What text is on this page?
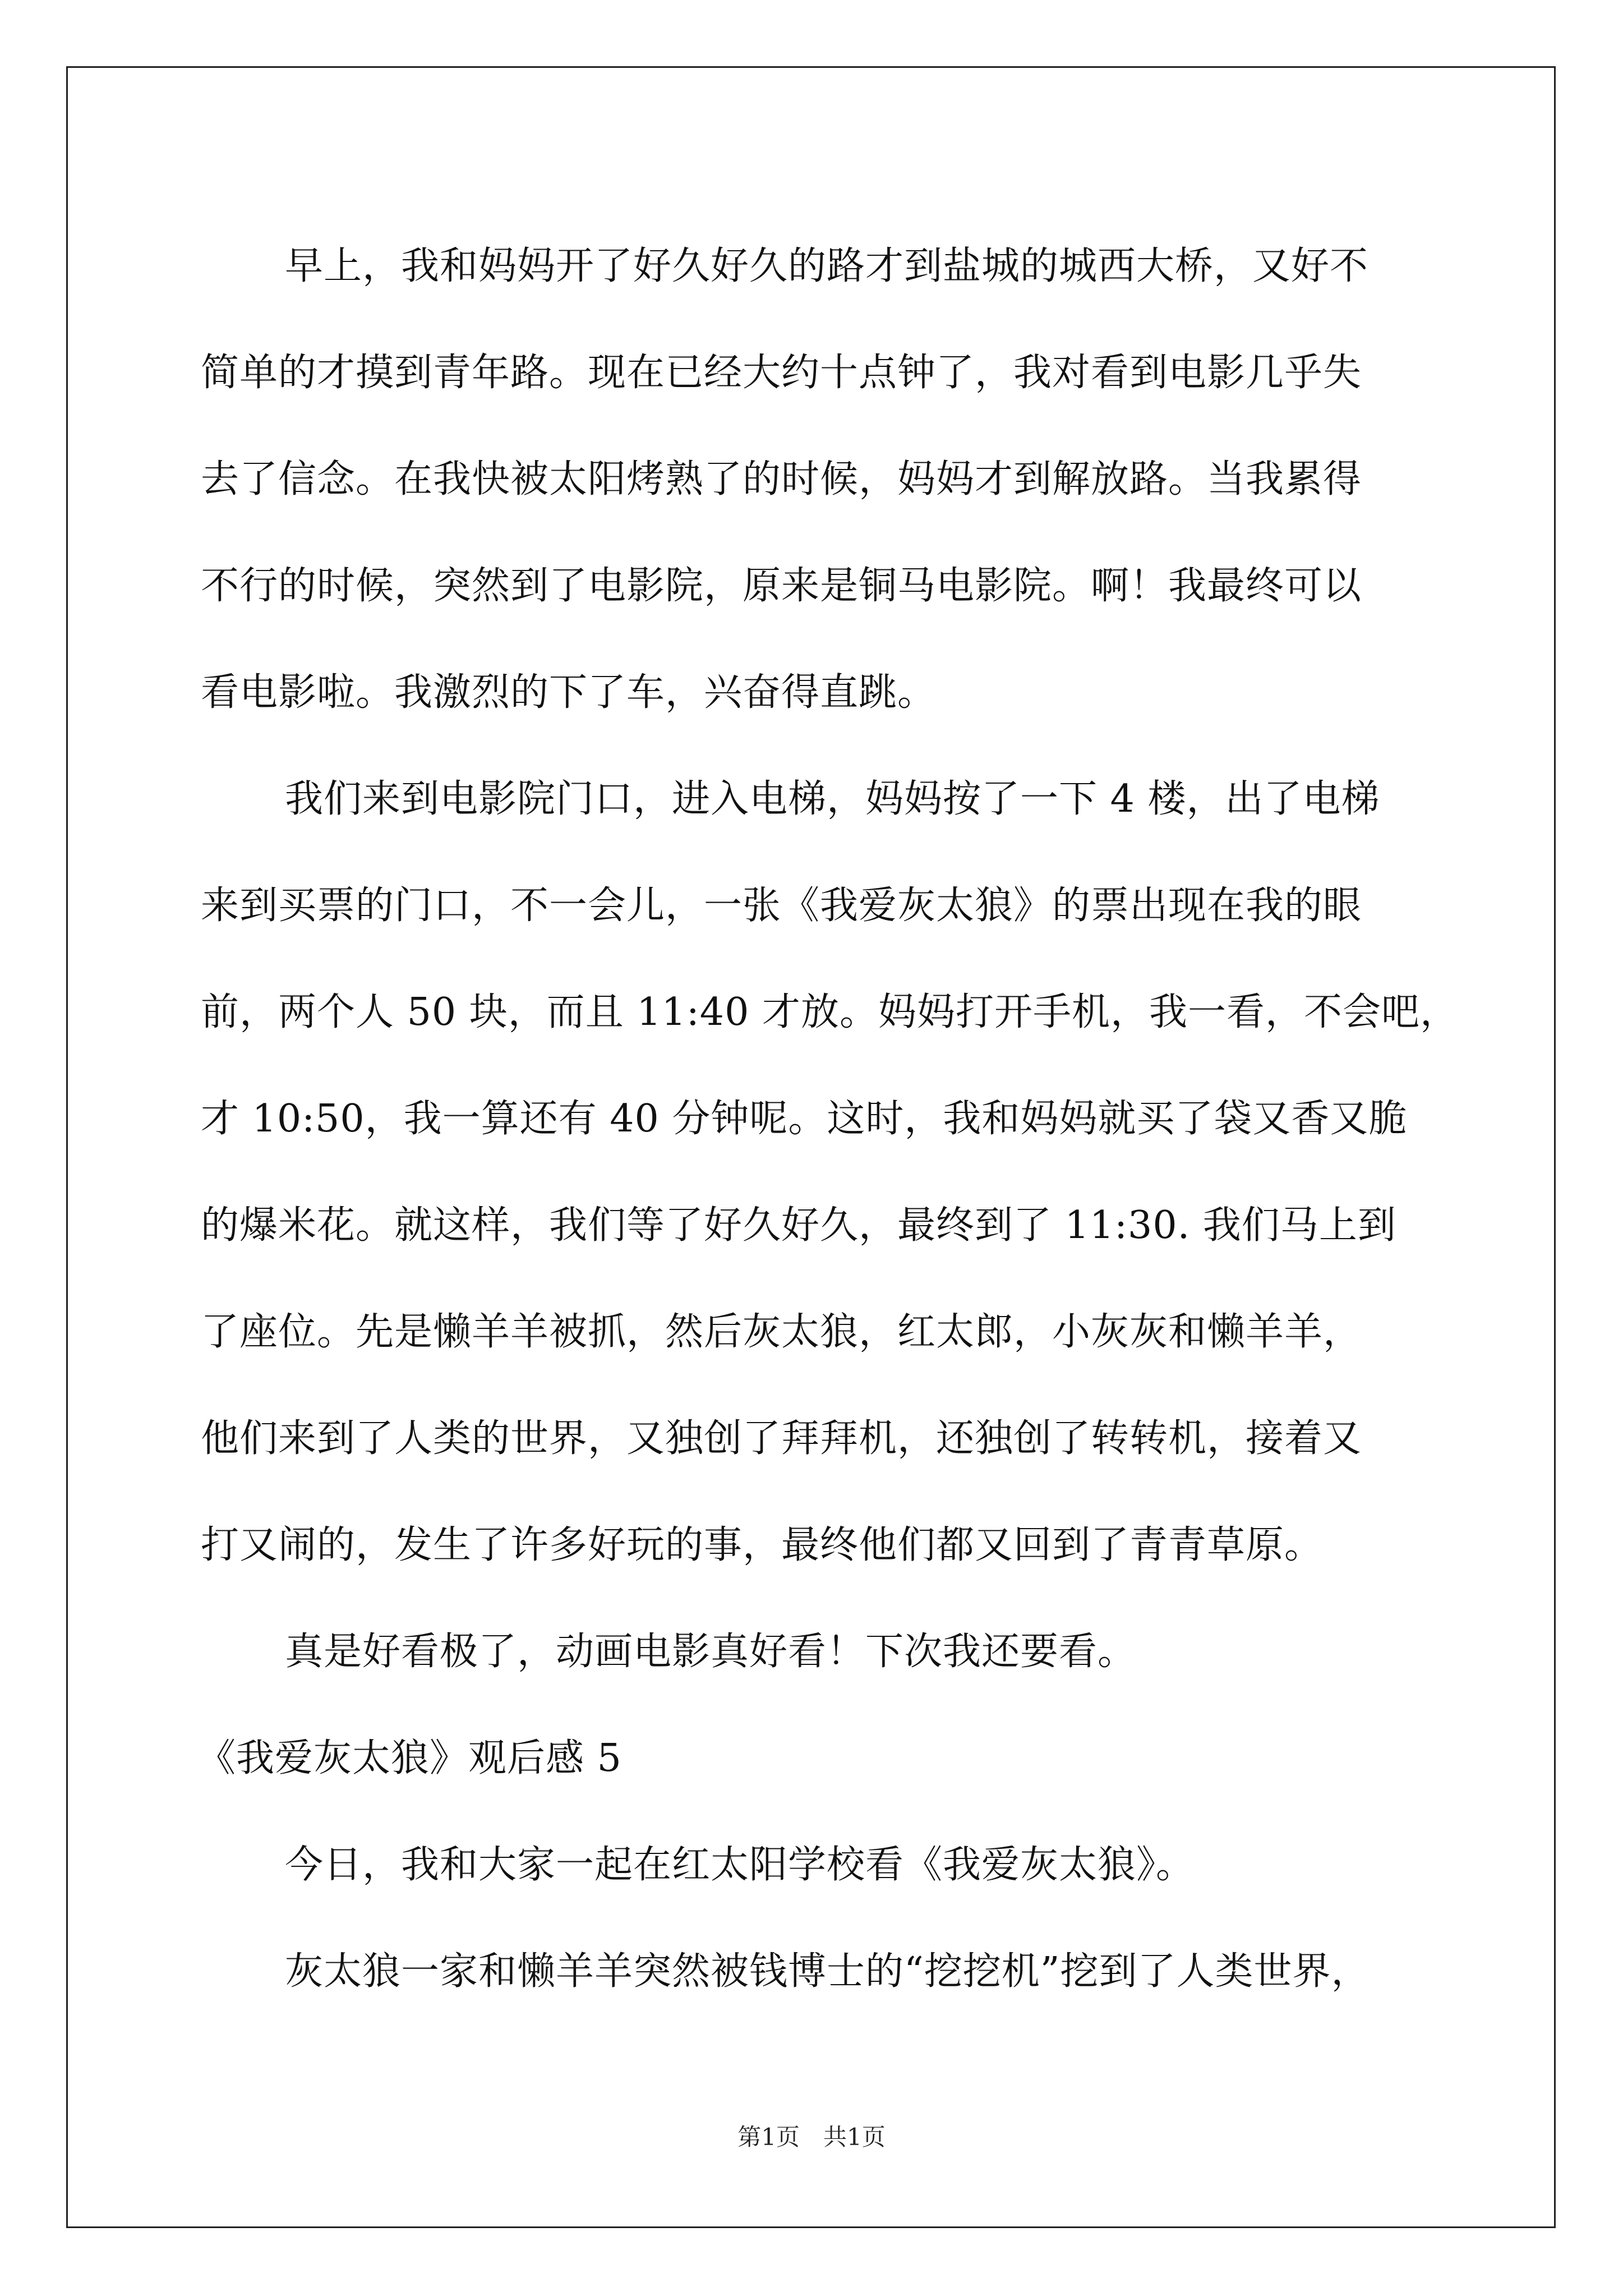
早上，我和妈妈开了好久好久的路才到盐城的城西大桥，又好不
简单的才摸到青年路。现在已经大约十点钟了，我对看到电影几乎失
去了信念。在我快被太阳烤熟了的时候，妈妈才到解放路。当我累得
不行的时候，突然到了电影院，原来是铜马电影院。啊！我最终可以
看电影啦。我激烈的下了车，兴奋得直跳。
我们来到电影院门口，进入电梯，妈妈按了一下 4 楼，出了电梯
来到买票的门口，不一会儿，一张《我爱灰太狼》的票出现在我的眼
前，两个人 50 块，而且 11:40 才放。妈妈打开手机，我一看，不会吧，
才 10:50，我一算还有 40 分钟呢。这时，我和妈妈就买了袋又香又脆
的爆米花。就这样，我们等了好久好久，最终到了 11:30. 我们马上到
了座位。先是懒羊羊被抓，然后灰太狼，红太郎，小灰灰和懒羊羊，
他们来到了人类的世界，又独创了拜拜机，还独创了转转机，接着又
打又闹的，发生了许多好玩的事，最终他们都又回到了青青草原。
真是好看极了，动画电影真好看！下次我还要看。
《我爱灰太狼》观后感 5
今日，我和大家一起在红太阳学校看《我爱灰太狼》。
灰太狼一家和懒羊羊突然被钱博士的“挖挖机”挖到了人类世界，
第1页　共1页
